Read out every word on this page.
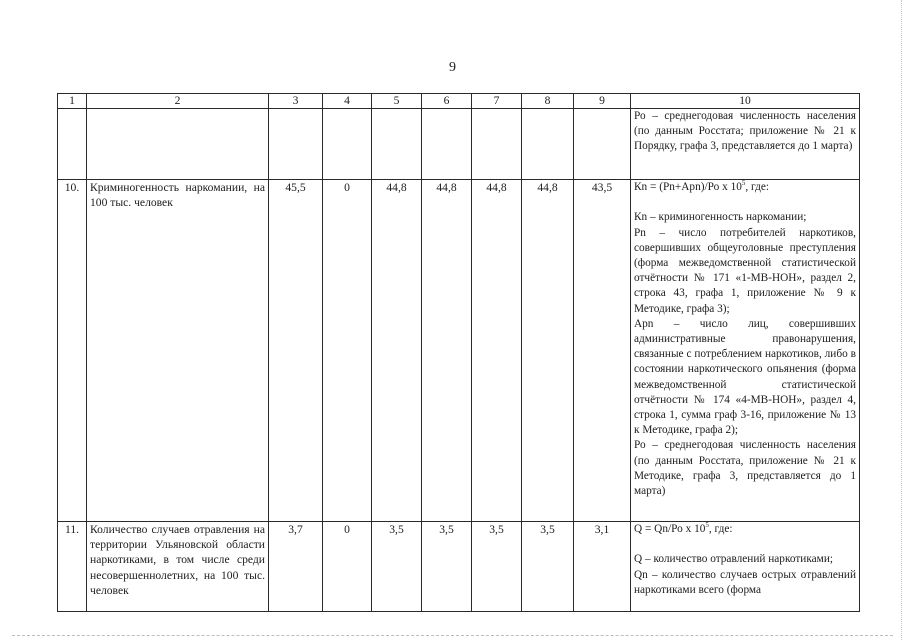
9
1	2	3	4	5	6	7	8	9	10

									Ро – среднегодовая численность населения (по данным Росстата; приложение № 21 к Порядку, графа 3, представляется до 1 марта)

10.	Криминогенность наркомании, на 100 тыс. человек	45,5	0	44,8	44,8	44,8	44,8	43,5	Кn = (Рn+Аpn)/Ро х $10^5$, где:

Кn – криминогенность наркомании;

Рn – число потребителей наркотиков, совершивших общеуголовные преступления (форма межведомственной статистической отчётности № 171 «1-МВ-НОН», раздел 2, строка 43, графа 1, приложение № 9 к Методике, графа 3);

Аpn – число лиц, совершивших административные правонарушения, связанные с потреблением наркотиков, либо в состоянии наркотического опьянения (форма межведомственной статистической отчётности № 174 «4-МВ-НОН», раздел 4, строка 1, сумма граф 3-16, приложение № 13 к Методике, графа 2);

Ро – среднегодовая численность населения (по данным Росстата, приложение № 21 к Методике, графа 3, представляется до 1 марта)

11.	Количество случаев отравления на территории Ульяновской области наркотиками, в том числе среди несовершеннолетних, на 100 тыс. человек	3,7	0	3,5	3,5	3,5	3,5	3,1	Q = Qn/Ро х $10^5$, где:

Q – количество отравлений наркотиками;

Qn – количество случаев острых отравлений наркотиками всего (форма
